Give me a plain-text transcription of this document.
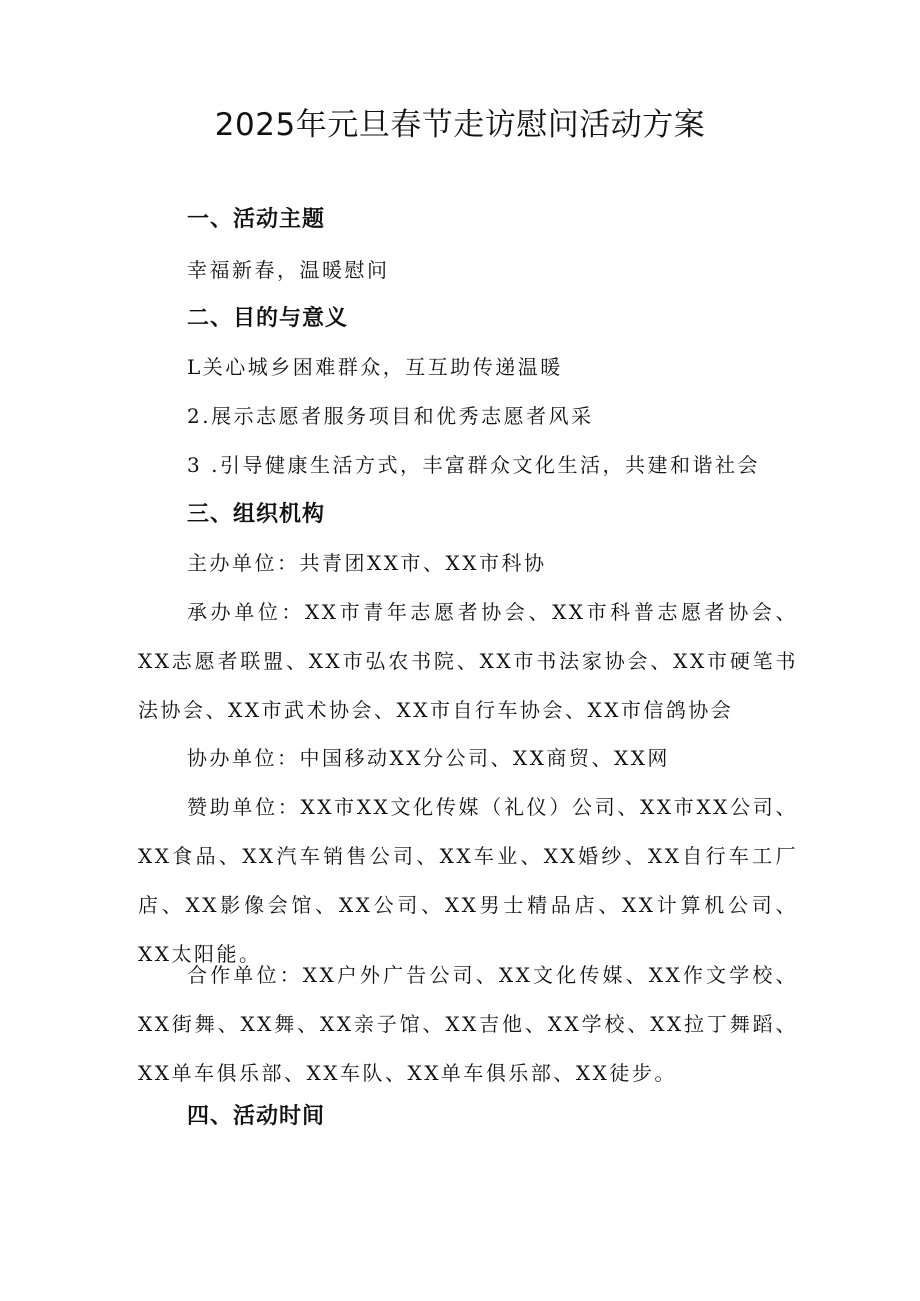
2025年元旦春节走访慰问活动方案
一、活动主题

幸福新春，温暖慰问

二、目的与意义

L关心城乡困难群众，互互助传递温暖

2.展示志愿者服务项目和优秀志愿者风采

3 .引导健康生活方式，丰富群众文化生活，共建和谐社会

三、组织机构

主办单位：共青团XX市、XX市科协

承办单位：XX市青年志愿者协会、XX市科普志愿者协会、XX志愿者联盟、XX市弘农书院、XX市书法家协会、XX市硬笔书法协会、XX市武术协会、XX市自行车协会、XX市信鸽协会

协办单位：中国移动XX分公司、XX商贸、XX网

赞助单位：XX市XX文化传媒（礼仪）公司、XX市XX公司、XX食品、XX汽车销售公司、XX车业、XX婚纱、XX自行车工厂店、XX影像会馆、XX公司、XX男士精品店、XX计算机公司、XX太阳能。

合作单位：XX户外广告公司、XX文化传媒、XX作文学校、XX街舞、XX舞、XX亲子馆、XX吉他、XX学校、XX拉丁舞蹈、XX单车俱乐部、XX车队、XX单车俱乐部、XX徒步。

四、活动时间
